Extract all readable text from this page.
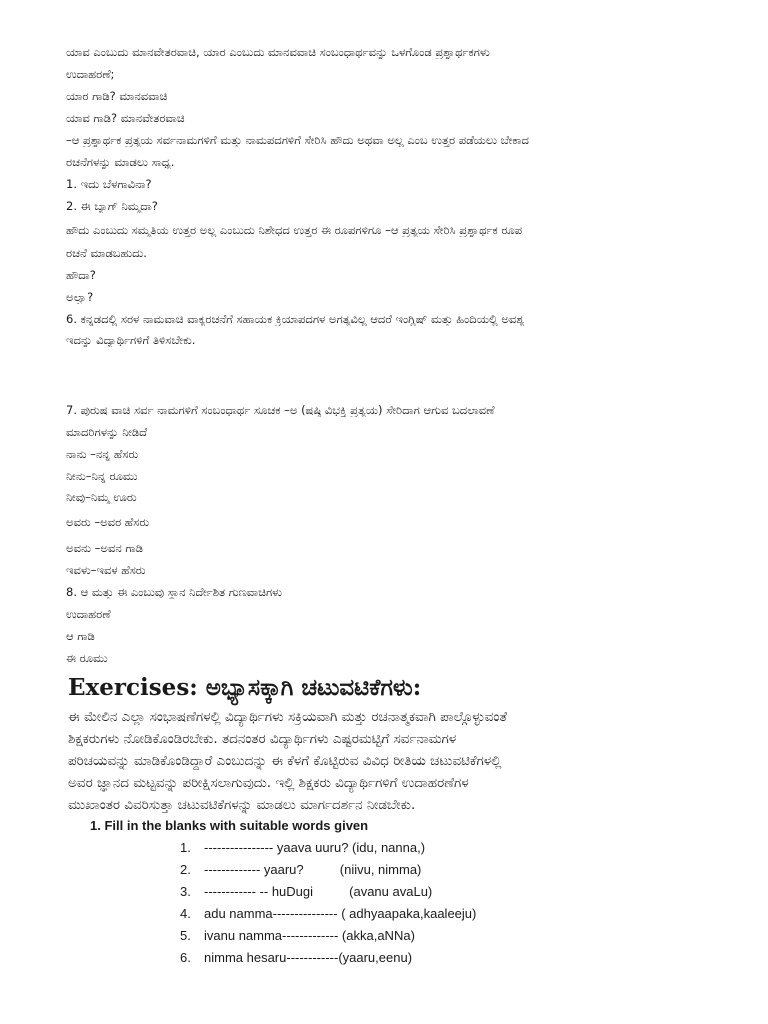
ಯಾವ ಎಂಬುದು ಮಾನವೇತರವಾಚಿ, ಯಾರ ಎಂಬುದು ಮಾನವವಾಚಿ ಸಂಬಂಧಾರ್ಥವನ್ನು ಒಳಗೊಂಡ ಪ್ರಶ್ನಾರ್ಥಕಗಳು
ಉದಾಹರಣೆ;
ಯಾರ ಗಾಡಿ? ಮಾನವವಾಚಿ
ಯಾವ ಗಾಡಿ? ಮಾನವೇತರವಾಚಿ
–ಆ ಪ್ರಶ್ನಾರ್ಥಕ ಪ್ರತ್ಯಯ ಸರ್ವನಾಮಗಳಿಗೆ ಮತ್ತು ನಾಮಪದಗಳಿಗೆ ಸೇರಿಸಿ ಹೌದು ಅಥವಾ ಅಲ್ಲ ಎಂಬ ಉತ್ತರ ಪಡೆಯಲು ಬೇಕಾದ
ರಚನೆಗಳನ್ನು ಮಾಡಲು ಸಾಧ್ಯ.
1. ಇದು ಬೆಳಗಾವಿನಾ?
2. ಈ ಬ್ಯಾಗ್ ನಿಮ್ಮದಾ?
ಹೌದು ಎಂಬುದು ಸಮ್ಮತಿಯ ಉತ್ತರ ಅಲ್ಲ ಎಂಬುದು ನಿಶೇಧದ ಉತ್ತರ ಈ ರೂಪಗಳಿಗೂ –ಆ ಪ್ರತ್ಯಯ ಸೇರಿಸಿ ಪ್ರಶ್ನಾರ್ಥಕ ರೂಪ
ರಚನೆ ಮಾಡಬಹುದು.
ಹೌದಾ?
ಅಲ್ವಾ?
6. ಕನ್ನಡದಲ್ಲಿ ಸರಳ ನಾಮವಾಚಿ ವಾಕ್ಯರಚನೆಗೆ ಸಹಾಯಕ ಕ್ರಿಯಾಪದಗಳ ಅಗತ್ಯವಿಲ್ಲ ಆದರೆ ಇಂಗ್ಲಿಷ್ ಮತ್ತು ಹಿಂದಿಯಲ್ಲಿ ಅವಶ್ಯ
ಇದನ್ನು ವಿದ್ಯಾರ್ಥಿಗಳಿಗೆ ತಿಳಿಸಬೇಕು.
7. ಪುರುಷ ವಾಚಿ ಸರ್ವ ನಾಮಗಳಿಗೆ ಸಂಬಂಧಾರ್ಥ ಸೂಚಕ –ಅ (ಷಷ್ಠಿ ವಿಭಕ್ತಿ ಪ್ರತ್ಯಯ) ಸೇರಿದಾಗ ಆಗುವ ಬದಲಾವಣೆ
ಮಾದರಿಗಳನ್ನು ನೀಡಿದೆ
ನಾನು –ನನ್ನ ಹೆಸರು
ನೀನು–ನಿನ್ನ ರೂಮು
ನೀವು–ನಿಮ್ಮ ಊರು
ಅವರು –ಅವರ ಹೆಸರು
ಅವನು –ಅವನ ಗಾಡಿ
ಇವಳು–ಇವಳ ಹೆಸರು
8. ಆ ಮತ್ತು ಈ ಎಂಬುವು ಸ್ಥಾನ ನಿರ್ದೇಶಿತ ಗುಣವಾಚಿಗಳು
ಉದಾಹರಣೆ
ಆ ಗಾಡಿ
ಈ ರೂಮು
Exercises: ಅಭ್ಯಾಸಕ್ಕಾಗಿ ಚಟುವಟಿಕೆಗಳು:
ಈ ಮೇಲಿನ ಎಲ್ಲಾ ಸಂಭಾಷಣೆಗಳಲ್ಲಿ ವಿದ್ಯಾರ್ಥಿಗಳು ಸಕ್ರಿಯವಾಗಿ ಮತ್ತು ರಚನಾತ್ಮಕವಾಗಿ ಪಾಲ್ಗೊಳ್ಳುವಂತೆ
ಶಿಕ್ಷಕರುಗಳು ನೋಡಿಕೊಂಡಿರಬೇಕು. ತದನಂತರ ವಿದ್ಯಾರ್ಥಿಗಳು ಎಷ್ಟರಮಟ್ಟಿಗೆ ಸರ್ವನಾಮಗಳ
ಪರಿಚಯವನ್ನು ಮಾಡಿಕೊಂಡಿದ್ದಾರೆ ಎಂಬುದನ್ನು ಈ ಕೆಳಗೆ ಕೊಟ್ಟಿರುವ ವಿವಿಧ ರೀತಿಯ ಚಟುವಟಿಕೆಗಳಲ್ಲಿ
ಅವರ ಜ್ಞಾನದ ಮಟ್ಟವನ್ನು ಪರೀಕ್ಷಿಸಲಾಗುವುದು. ಇಲ್ಲಿ ಶಿಕ್ಷಕರು ವಿದ್ಯಾರ್ಥಿಗಳಿಗೆ ಉದಾಹರಣೆಗಳ
ಮುಖಾಂತರ ವಿವರಿಸುತ್ತಾ ಚಟುವಟಿಕೆಗಳನ್ನು ಮಾಡಲು ಮಾರ್ಗದರ್ಶನ ನೀಡಬೇಕು.
1. Fill in the blanks with suitable words given
1. ---------------- yaava uuru? (idu, nanna,)
2. ------------- yaaru?          (niivu, nimma)
3. ------------ -- huDugi          (avanu avaLu)
4. adu namma--------------- ( adhyaapaka,kaaleeju)
5. ivanu namma------------- (akka,aNNa)
6. nimma hesaru------------(yaaru,eenu)
